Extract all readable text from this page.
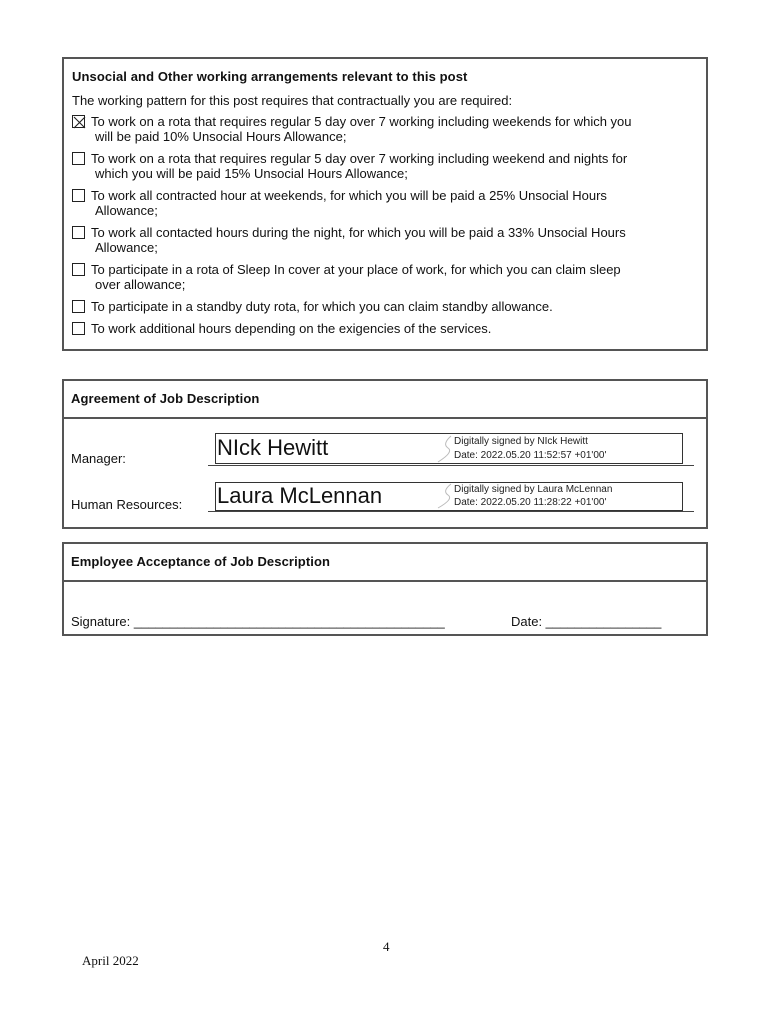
Unsocial and Other working arrangements relevant to this post
The working pattern for this post requires that contractually you are required:
To work on a rota that requires regular 5 day over 7 working including weekends for which you
will be paid 10% Unsocial Hours Allowance;
To work on a rota that requires regular 5 day over 7 working including weekend and nights for
which you will be paid 15% Unsocial Hours Allowance;
To work all contracted hour at weekends, for which you will be paid a 25% Unsocial Hours
Allowance;
To work all contacted hours during the night, for which you will be paid a 33% Unsocial Hours
Allowance;
To participate in a rota of Sleep In cover at your place of work, for which you can claim sleep
over allowance;
To participate in a standby duty rota, for which you can claim standby allowance.
To work additional hours depending on the exigencies of the services.
Agreement of Job Description
Manager:	NIck Hewitt	Digitally signed by NIck Hewitt
Date: 2022.05.20 11:52:57 +01'00'
Human Resources: Laura McLennan	Digitally signed by Laura McLennan
Date: 2022.05.20 11:28:22 +01'00'
Employee Acceptance of Job Description
Signature: ___________________________________________	Date: ________________
4
April 2022
